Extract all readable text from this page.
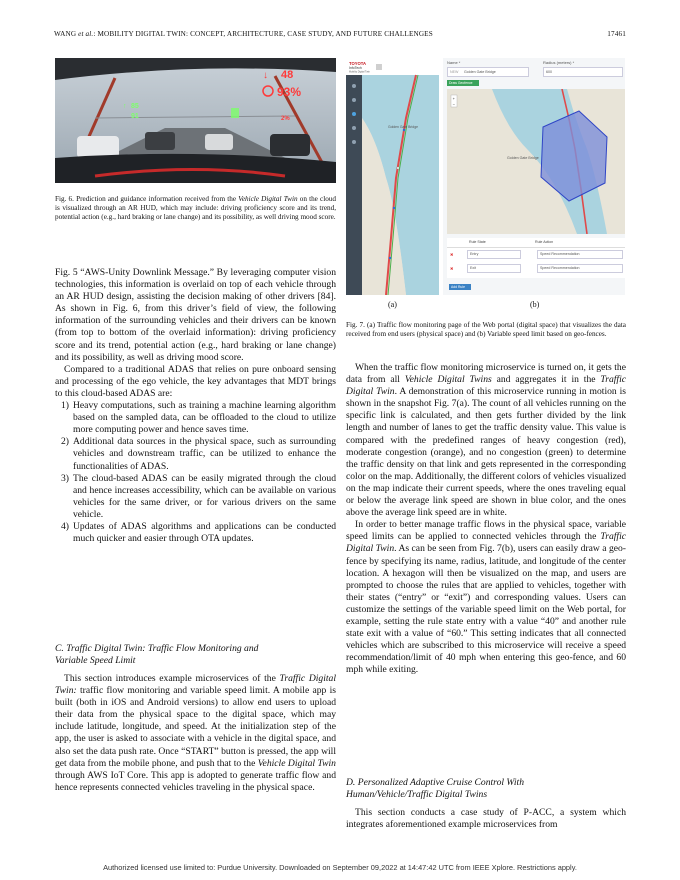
WANG et al.: MOBILITY DIGITAL TWIN: CONCEPT, ARCHITECTURE, CASE STUDY, AND FUTURE CHALLENGES	17461
↓ 48
93%
↑ 85
91	2%
Fig. 6. Prediction and guidance information received from the Vehicle Digital Twin on the cloud is visualized through an AR HUD, which may include: driving proficiency score and its trend, potential action (e.g., hard braking or lane change) and its possibility, as well driving mood score.

Fig. 5 “AWS-Unity Downlink Message.” By leveraging computer vision technologies, this information is overlaid on top of each vehicle through an AR HUD design, assisting the decision making of other drivers [84]. As shown in Fig. 6, from this driver’s field of view, the following information of the surrounding vehicles and their drivers can be known (from top to bottom of the overlaid information): driving proficiency score and its trend, potential action (e.g., hard braking or lane change) and its possibility, as well as driving mood score.

Compared to a traditional ADAS that relies on pure onboard sensing and processing of the ego vehicle, the key advantages that MDT brings to this cloud-based ADAS are:

1) Heavy computations, such as training a machine learning algorithm based on the sampled data, can be offloaded to the cloud to utilize more computing power and hence saves time.
2) Additional data sources in the physical space, such as surrounding vehicles and downstream traffic, can be utilized to enhance the functionalities of ADAS.
3) The cloud-based ADAS can be easily migrated through the cloud and hence increases accessibility, which can be available on various vehicles for the same driver, or for various drivers on the same vehicle.
4) Updates of ADAS algorithms and applications can be conducted much quicker and easier through OTA updates.
C. Traffic Digital Twin: Traffic Flow Monitoring and
Variable Speed Limit

This section introduces example microservices of the Traffic Digital Twin: traffic flow monitoring and variable speed limit. A mobile app is built (both in iOS and Android versions) to allow end users to upload their data from the physical space to the digital space, which may include latitude, longitude, and speed. At the initialization step of the app, the user is asked to associate with a vehicle in the digital space, and also set the data push rate. Once “START” button is pressed, the app will get data from the mobile phone, and push that to the Vehicle Digital Twin through AWS IoT Core. This app is adopted to generate traffic flow and hence represents connected vehicles traveling in the physical space.

TOYOTA
InfoTech
Mobility Digital Twin
Golden Gate Bridge
Name *
NEW Golden Gate Bridge
Radius (meters) *
600
Draw Geofence
Golden Gate Bridge
+
−
Rule State	Rule Action
✖	Entry	Speed Recommendation
✖	Exit	Speed Recommendation
Add Rule
(a)	(b)
Fig. 7. (a) Traffic flow monitoring page of the Web portal (digital space) that visualizes the data received from end users (physical space) and (b) Variable speed limit based on geo-fences.

When the traffic flow monitoring microservice is turned on, it gets the data from all Vehicle Digital Twins and aggregates it in the Traffic Digital Twin. A demonstration of this microservice running in motion is shown in the snapshot Fig. 7(a). The count of all vehicles running on the specific link is calculated, and then gets further divided by the link length and number of lanes to get the traffic density value. This value is compared with the predefined ranges of heavy congestion (red), moderate congestion (orange), and no congestion (green) to determine the traffic density on that link and gets represented in the corresponding color on the map. Additionally, the different colors of vehicles visualized on the map indicate their current speeds, where the ones traveling equal or below the average link speed are shown in blue color, and the ones above the average link speed are in white.

In order to better manage traffic flows in the physical space, variable speed limits can be applied to connected vehicles through the Traffic Digital Twin. As can be seen from Fig. 7(b), users can easily draw a geo-fence by specifying its name, radius, latitude, and longitude of the center location. A hexagon will then be visualized on the map, and users are prompted to choose the rules that are applied to vehicles, together with their states (“entry” or “exit”) and corresponding values. Users can customize the settings of the variable speed limit on the Web portal, for example, setting the rule state entry with a value “40” and another rule state exit with a value of “60.” This setting indicates that all connected vehicles which are subscribed to this microservice will receive a speed recommendation/limit of 40 mph when entering this geo-fence, and 60 mph while exiting.

D. Personalized Adaptive Cruise Control With
Human/Vehicle/Traffic Digital Twins

This section conducts a case study of P-ACC, a system which integrates aforementioned example microservices from

Authorized licensed use limited to: Purdue University. Downloaded on September 09,2022 at 14:47:42 UTC from IEEE Xplore. Restrictions apply.
